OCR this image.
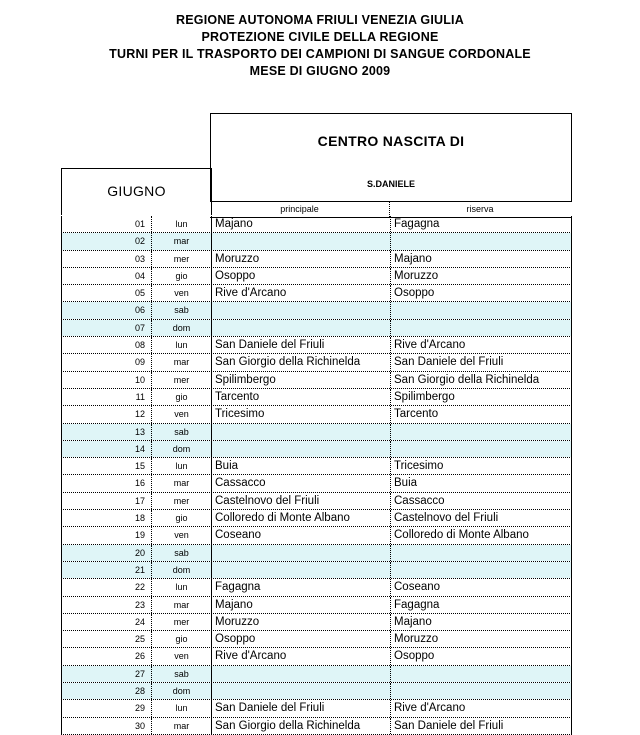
REGIONE AUTONOMA FRIULI VENEZIA GIULIA
PROTEZIONE CIVILE DELLA REGIONE
TURNI PER IL TRASPORTO DEI CAMPIONI DI SANGUE CORDONALE
MESE DI GIUGNO 2009
GIUGNO
CENTRO NASCITA DI
S.DANIELE
principale	riserva
01	lun	Majano	Fagagna
02	mar
03	mer	Moruzzo	Majano
04	gio	Osoppo	Moruzzo
05	ven	Rive d'Arcano	Osoppo
06	sab
07	dom
08	lun	San Daniele del Friuli	Rive d'Arcano
09	mar	San Giorgio della Richinelda	San Daniele del Friuli
10	mer	Spilimbergo	San Giorgio della Richinelda
11	gio	Tarcento	Spilimbergo
12	ven	Tricesimo	Tarcento
13	sab
14	dom
15	lun	Buia	Tricesimo
16	mar	Cassacco	Buia
17	mer	Castelnovo del Friuli	Cassacco
18	gio	Colloredo di Monte Albano	Castelnovo del Friuli
19	ven	Coseano	Colloredo di Monte Albano
20	sab
21	dom
22	lun	Fagagna	Coseano
23	mar	Majano	Fagagna
24	mer	Moruzzo	Majano
25	gio	Osoppo	Moruzzo
26	ven	Rive d'Arcano	Osoppo
27	sab
28	dom
29	lun	San Daniele del Friuli	Rive d'Arcano
30	mar	San Giorgio della Richinelda	San Daniele del Friuli
